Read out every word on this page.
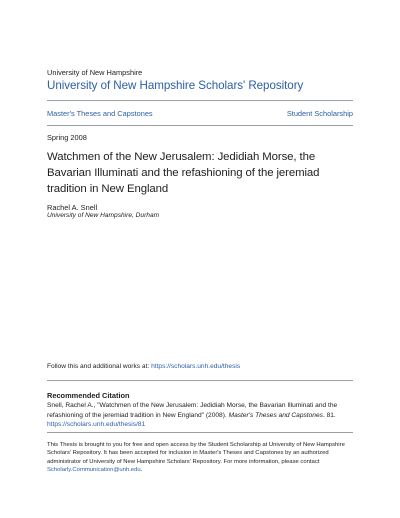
University of New Hampshire
University of New Hampshire Scholars' Repository
Master's Theses and Capstones	Student Scholarship
Spring 2008
Watchmen of the New Jerusalem: Jedidiah Morse, the Bavarian Illuminati and the refashioning of the jeremiad tradition in New England
Rachel A. Snell
University of New Hampshire, Durham
Follow this and additional works at: https://scholars.unh.edu/thesis
Recommended Citation
Snell, Rachel A., "Watchmen of the New Jerusalem: Jedidiah Morse, the Bavarian Illuminati and the refashioning of the jeremiad tradition in New England" (2008). Master's Theses and Capstones. 81.
https://scholars.unh.edu/thesis/81
This Thesis is brought to you for free and open access by the Student Scholarship at University of New Hampshire Scholars' Repository. It has been accepted for inclusion in Master's Theses and Capstones by an authorized administrator of University of New Hampshire Scholars' Repository. For more information, please contact Scholarly.Communication@unh.edu.
